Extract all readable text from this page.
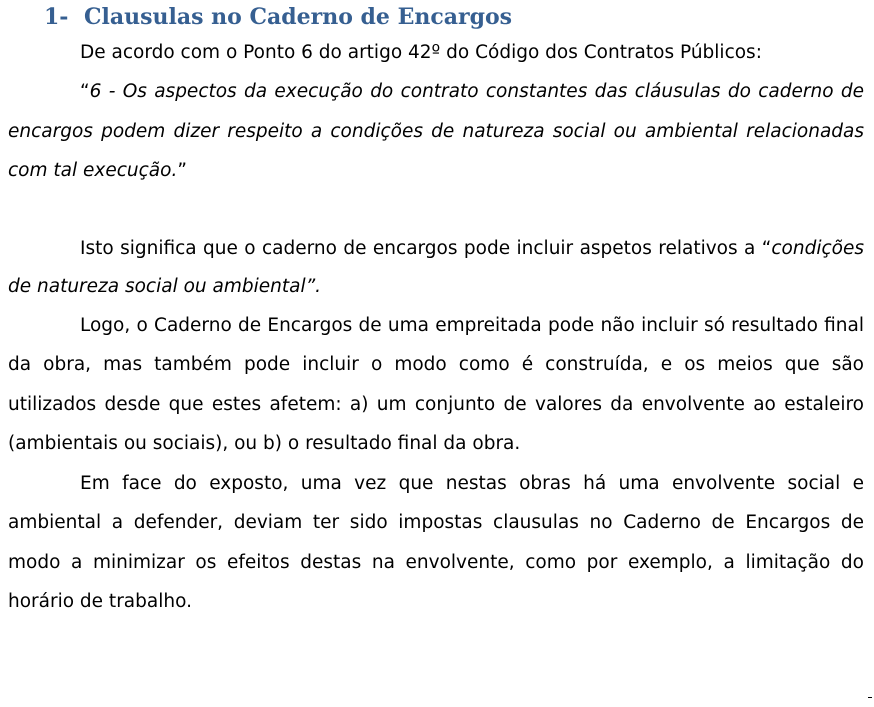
1- Clausulas no Caderno de Encargos

De acordo com o Ponto 6 do artigo 42º do Código dos Contratos Públicos:

“6 - Os aspectos da execução do contrato constantes das cláusulas do caderno de encargos podem dizer respeito a condições de natureza social ou ambiental relacionadas com tal execução.”

Isto significa que o caderno de encargos pode incluir aspetos relativos a “condições de natureza social ou ambiental”.

Logo, o Caderno de Encargos de uma empreitada pode não incluir só resultado final da obra, mas também pode incluir o modo como é construída, e os meios que são utilizados desde que estes afetem: a) um conjunto de valores da envolvente ao estaleiro (ambientais ou sociais), ou b) o resultado final da obra.

Em face do exposto, uma vez que nestas obras há uma envolvente social e ambiental a defender, deviam ter sido impostas clausulas no Caderno de Encargos de modo a minimizar os efeitos destas na envolvente, como por exemplo, a limitação do horário de trabalho.
